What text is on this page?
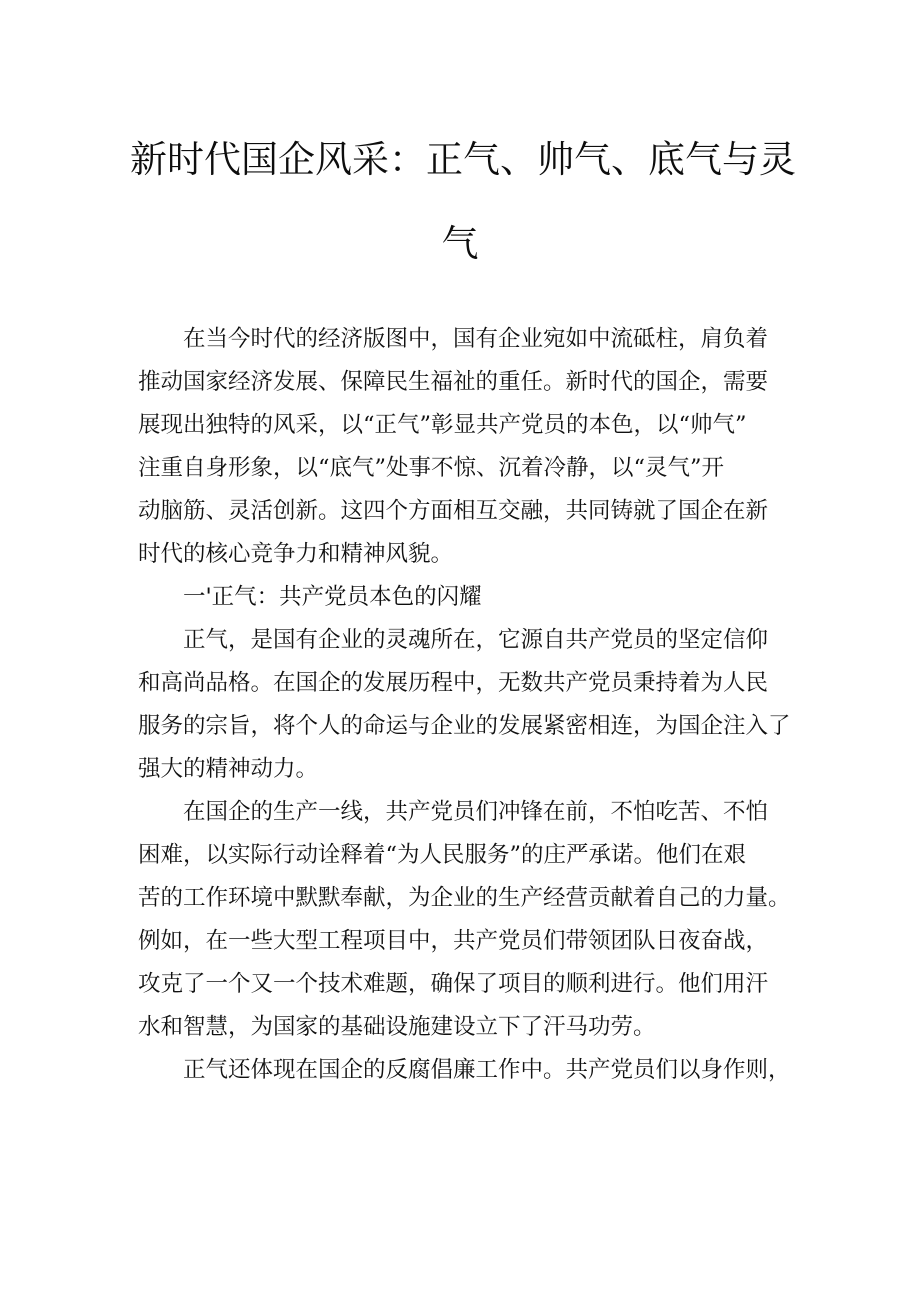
新时代国企风采：正气、帅气、底气与灵
气

　　在当今时代的经济版图中，国有企业宛如中流砥柱，肩负着
推动国家经济发展、保障民生福祉的重任。新时代的国企，需要
展现出独特的风采，以“正气”彰显共产党员的本色，以“帅气”
注重自身形象，以“底气”处事不惊、沉着冷静，以“灵气”开
动脑筋、灵活创新。这四个方面相互交融，共同铸就了国企在新
时代的核心竞争力和精神风貌。

一'正气：共产党员本色的闪耀

　　正气，是国有企业的灵魂所在，它源自共产党员的坚定信仰
和高尚品格。在国企的发展历程中，无数共产党员秉持着为人民
服务的宗旨，将个人的命运与企业的发展紧密相连，为国企注入了
强大的精神动力。

　　在国企的生产一线，共产党员们冲锋在前，不怕吃苦、不怕
困难，以实际行动诠释着“为人民服务”的庄严承诺。他们在艰
苦的工作环境中默默奉献，为企业的生产经营贡献着自己的力量。
例如，在一些大型工程项目中，共产党员们带领团队日夜奋战，
攻克了一个又一个技术难题，确保了项目的顺利进行。他们用汗
水和智慧，为国家的基础设施建设立下了汗马功劳。

　　正气还体现在国企的反腐倡廉工作中。共产党员们以身作则，
